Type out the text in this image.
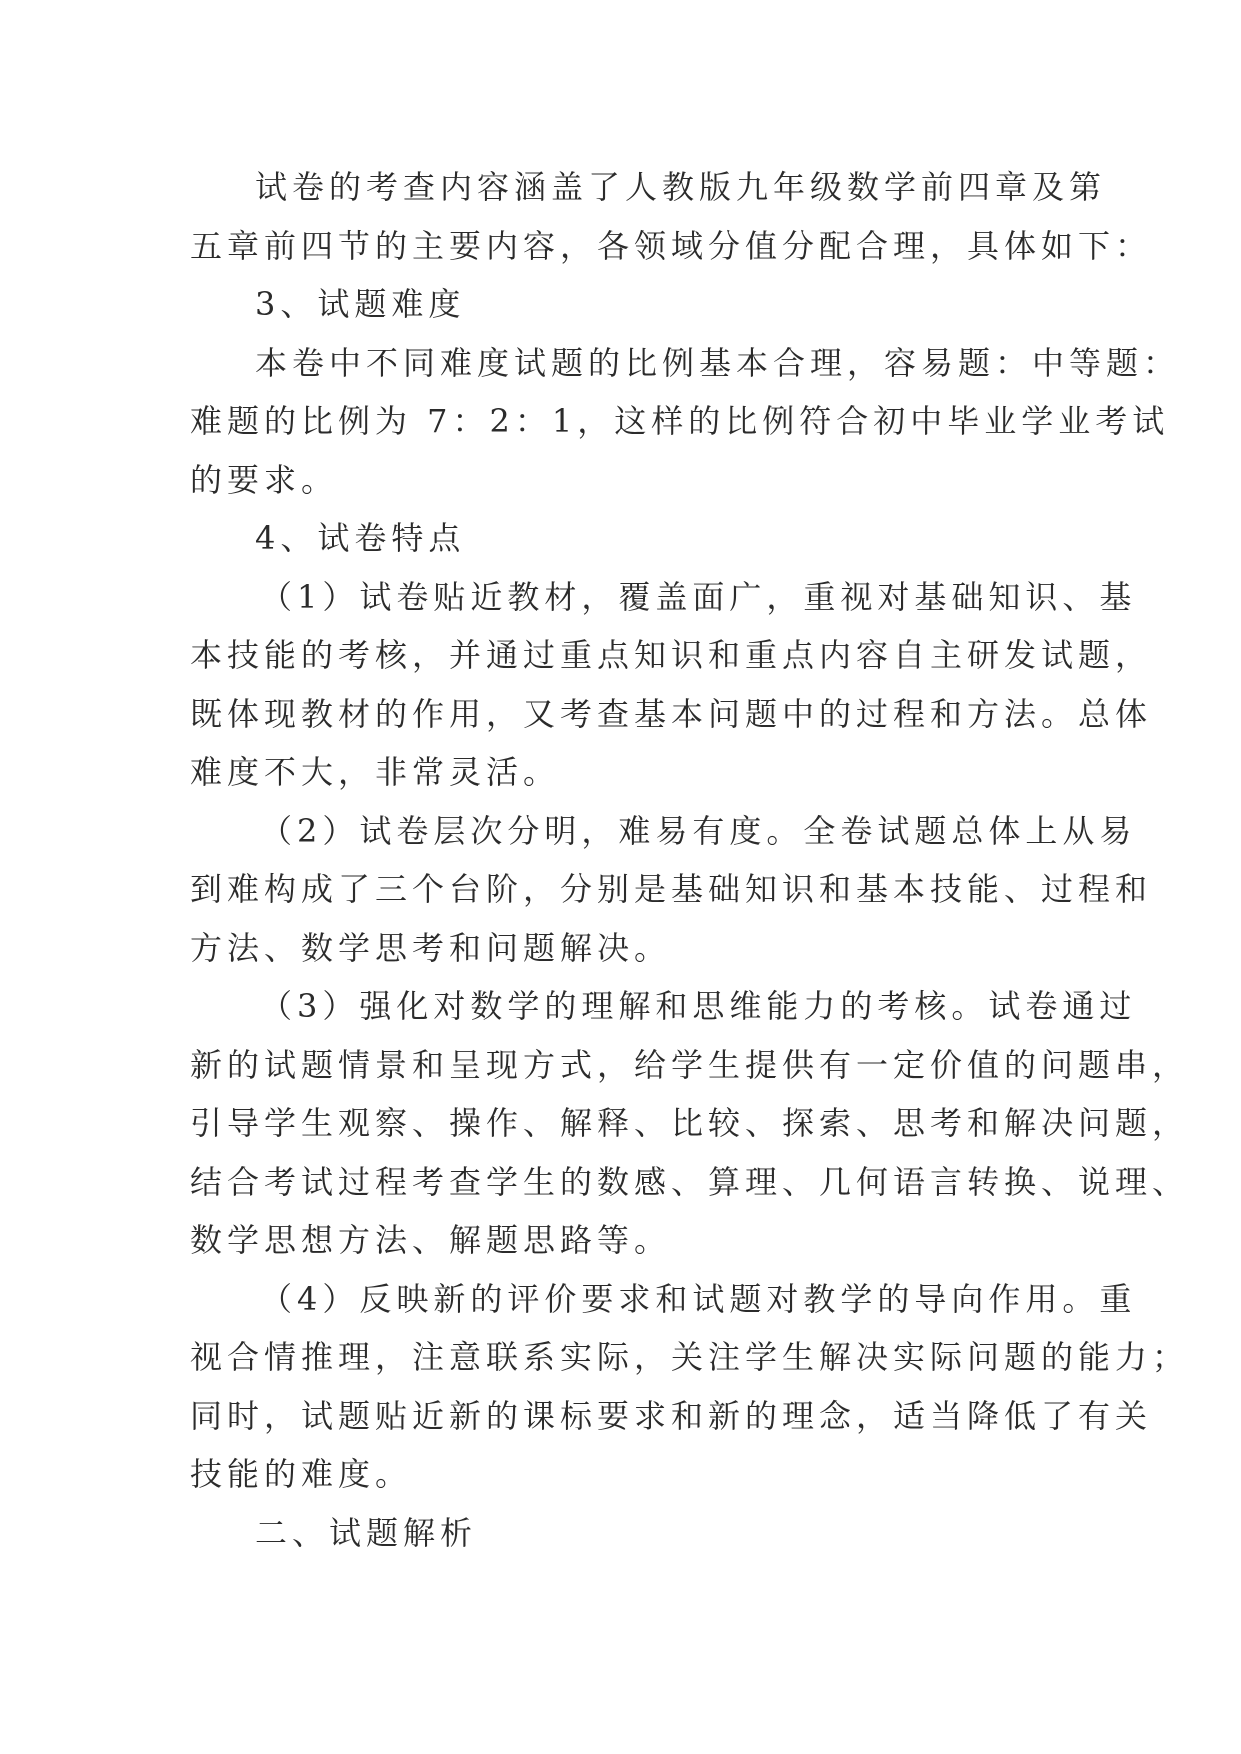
试卷的考查内容涵盖了人教版九年级数学前四章及第
五章前四节的主要内容，各领域分值分配合理，具体如下：
3、试题难度
本卷中不同难度试题的比例基本合理，容易题：中等题：
难题的比例为 7：2：1，这样的比例符合初中毕业学业考试
的要求。
4、试卷特点
（1）试卷贴近教材，覆盖面广，重视对基础知识、基
本技能的考核，并通过重点知识和重点内容自主研发试题，
既体现教材的作用，又考查基本问题中的过程和方法。总体
难度不大，非常灵活。
（2）试卷层次分明，难易有度。全卷试题总体上从易
到难构成了三个台阶，分别是基础知识和基本技能、过程和
方法、数学思考和问题解决。
（3）强化对数学的理解和思维能力的考核。试卷通过
新的试题情景和呈现方式，给学生提供有一定价值的问题串，
引导学生观察、操作、解释、比较、探索、思考和解决问题，
结合考试过程考查学生的数感、算理、几何语言转换、说理、
数学思想方法、解题思路等。
（4）反映新的评价要求和试题对教学的导向作用。重
视合情推理，注意联系实际，关注学生解决实际问题的能力；
同时，试题贴近新的课标要求和新的理念，适当降低了有关
技能的难度。
二、试题解析
